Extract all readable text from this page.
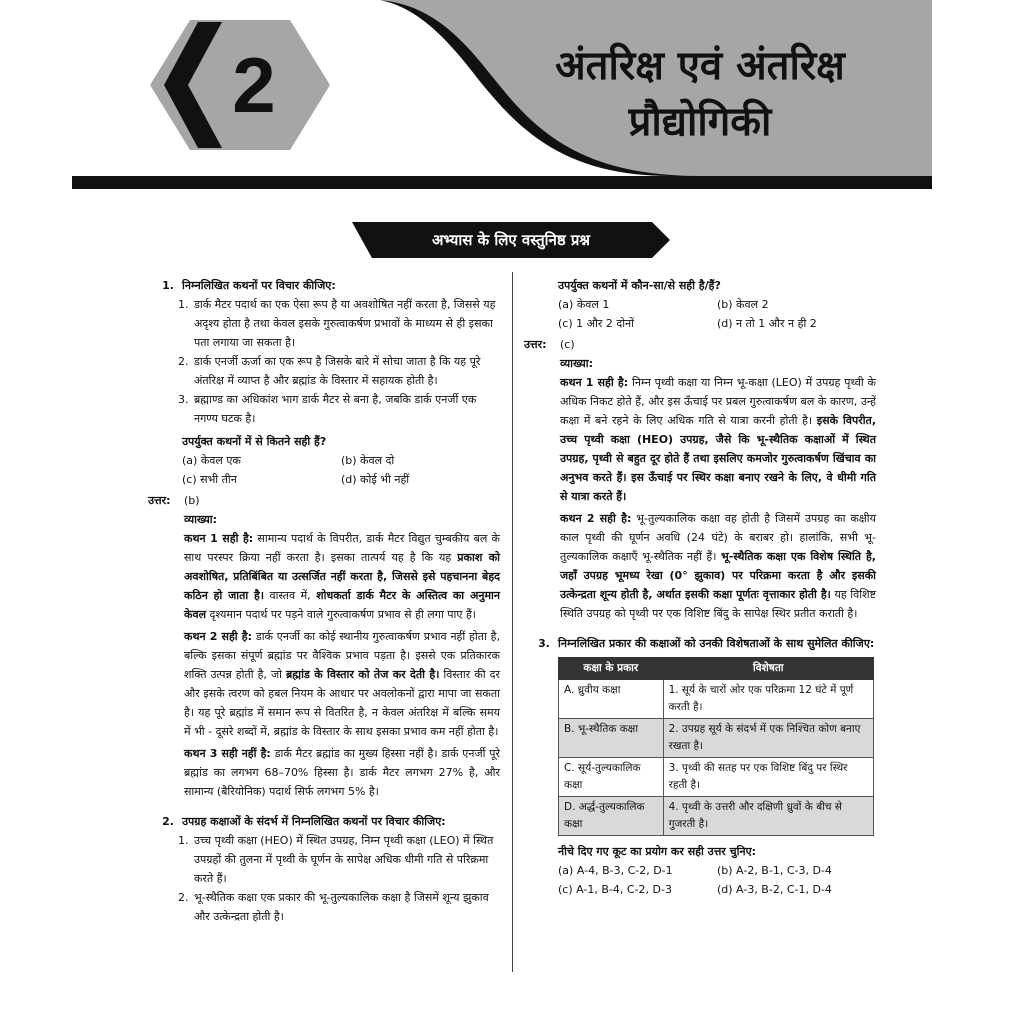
2	अंतरिक्ष एवं अंतरिक्ष
प्रौद्योगिकी
अभ्यास के लिए वस्तुनिष्ठ प्रश्न
1. निम्नलिखित कथनों पर विचार कीजिए:
1. डार्क मैटर पदार्थ का एक ऐसा रूप है या अवशोषित नहीं करता है, जिससे यह अदृश्य होता है तथा केवल इसके गुरुत्वाकर्षण प्रभावों के माध्यम से ही इसका पता लगाया जा सकता है।
2. डार्क एनर्जी ऊर्जा का एक रूप है जिसके बारे में सोचा जाता है कि यह पूरे अंतरिक्ष में व्याप्त है और ब्रह्मांड के विस्तार में सहायक होती है।
3. ब्रह्माण्ड का अधिकांश भाग डार्क मैटर से बना है, जबकि डार्क एनर्जी एक नगण्य घटक है।
उपर्युक्त कथनों में से कितने सही हैं?
(a) केवल एक	(b) केवल दो
(c) सभी तीन	(d) कोई भी नहीं
उत्तर:	(b)
व्याख्या:

कथन 1 सही है: सामान्य पदार्थ के विपरीत, डार्क मैटर विद्युत चुम्बकीय बल के साथ परस्पर क्रिया नहीं करता है। इसका तात्पर्य यह है कि यह प्रकाश को अवशोषित, प्रतिबिंबित या उत्सर्जित नहीं करता है, जिससे इसे पहचानना बेहद कठिन हो जाता है। वास्तव में, शोधकर्ता डार्क मैटर के अस्तित्व का अनुमान केवल दृश्यमान पदार्थ पर पड़ने वाले गुरुत्वाकर्षण प्रभाव से ही लगा पाए हैं।

कथन 2 सही है: डार्क एनर्जी का कोई स्थानीय गुरुत्वाकर्षण प्रभाव नहीं होता है, बल्कि इसका संपूर्ण ब्रह्मांड पर वैश्विक प्रभाव पड़ता है। इससे एक प्रतिकारक शक्ति उत्पन्न होती है, जो ब्रह्मांड के विस्तार को तेज कर देती है। विस्तार की दर और इसके त्वरण को हबल नियम के आधार पर अवलोकनों द्वारा मापा जा सकता है। यह पूरे ब्रह्मांड में समान रूप से वितरित है, न केवल अंतरिक्ष में बल्कि समय में भी - दूसरे शब्दों में, ब्रह्मांड के विस्तार के साथ इसका प्रभाव कम नहीं होता है।

कथन 3 सही नहीं है: डार्क मैटर ब्रह्मांड का मुख्य हिस्सा नहीं है। डार्क एनर्जी पूरे ब्रह्मांड का लगभग 68–70% हिस्सा है। डार्क मैटर लगभग 27% है, और सामान्य (बैरियोनिक) पदार्थ सिर्फ लगभग 5% है।

2. उपग्रह कक्षाओं के संदर्भ में निम्नलिखित कथनों पर विचार कीजिए:
1. उच्च पृथ्वी कक्षा (HEO) में स्थित उपग्रह, निम्न पृथ्वी कक्षा (LEO) में स्थित उपग्रहों की तुलना में पृथ्वी के घूर्णन के सापेक्ष अधिक धीमी गति से परिक्रमा करते हैं।
2. भू-स्थैतिक कक्षा एक प्रकार की भू-तुल्यकालिक कक्षा है जिसमें शून्य झुकाव और उत्केन्द्रता होती है।
उपर्युक्त कथनों में कौन-सा/से सही है/हैं?
(a) केवल 1	(b) केवल 2
(c) 1 और 2 दोनों	(d) न तो 1 और न ही 2
उत्तर:	(c)
व्याख्या:

कथन 1 सही है: निम्न पृथ्वी कक्षा या निम्न भू-कक्षा (LEO) में उपग्रह पृथ्वी के अधिक निकट होते हैं, और इस ऊँचाई पर प्रबल गुरुत्वाकर्षण बल के कारण, उन्हें कक्षा में बने रहने के लिए अधिक गति से यात्रा करनी होती है। इसके विपरीत, उच्च पृथ्वी कक्षा (HEO) उपग्रह, जैसे कि भू-स्थैतिक कक्षाओं में स्थित उपग्रह, पृथ्वी से बहुत दूर होते हैं तथा इसलिए कमजोर गुरुत्वाकर्षण खिंचाव का अनुभव करते हैं। इस ऊँचाई पर स्थिर कक्षा बनाए रखने के लिए, वे धीमी गति से यात्रा करते हैं।

कथन 2 सही है: भू-तुल्यकालिक कक्षा वह होती है जिसमें उपग्रह का कक्षीय काल पृथ्वी की घूर्णन अवधि (24 घंटे) के बराबर हो। हालांकि, सभी भू-तुल्यकालिक कक्षाएँ भू-स्थैतिक नहीं हैं। भू-स्थैतिक कक्षा एक विशेष स्थिति है, जहाँ उपग्रह भूमध्य रेखा (0° झुकाव) पर परिक्रमा करता है और इसकी उत्केन्द्रता शून्य होती है, अर्थात इसकी कक्षा पूर्णतः वृत्ताकार होती है। यह विशिष्ट स्थिति उपग्रह को पृथ्वी पर एक विशिष्ट बिंदु के सापेक्ष स्थिर प्रतीत कराती है।

3. निम्नलिखित प्रकार की कक्षाओं को उनकी विशेषताओं के साथ सुमेलित कीजिए:
कक्षा के प्रकार	विशेषता
A. ध्रुवीय कक्षा	1. सूर्य के चारों ओर एक परिक्रमा 12 घंटे में पूर्ण करती है।
B. भू-स्थैतिक कक्षा	2. उपग्रह सूर्य के संदर्भ में एक निश्चित कोण बनाए रखता है।
C. सूर्य-तुल्यकालिक कक्षा	3. पृथ्वी की सतह पर एक विशिष्ट बिंदु पर स्थिर रहती है।
D. अर्द्ध-तुल्यकालिक कक्षा	4. पृथ्वी के उत्तरी और दक्षिणी ध्रुवों के बीच से गुजरती है।
नीचे दिए गए कूट का प्रयोग कर सही उत्तर चुनिए:
(a) A-4, B-3, C-2, D-1	(b) A-2, B-1, C-3, D-4
(c) A-1, B-4, C-2, D-3	(d) A-3, B-2, C-1, D-4
